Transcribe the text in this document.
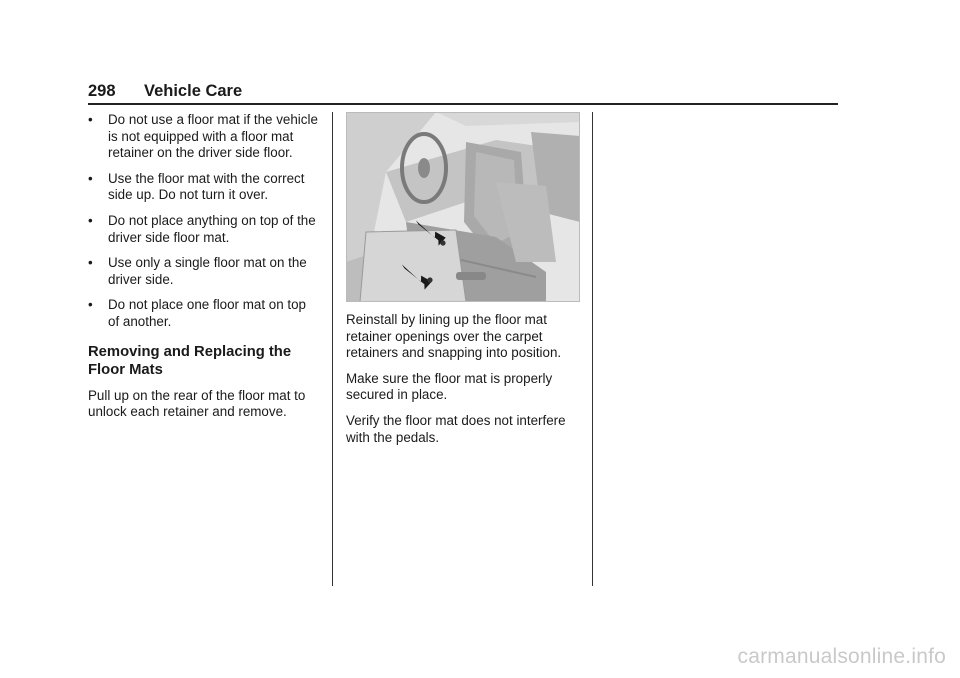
298 Vehicle Care
• Do not use a floor mat if the vehicle is not equipped with a floor mat retainer on the driver side floor.
• Use the floor mat with the correct side up. Do not turn it over.
• Do not place anything on top of the driver side floor mat.
• Use only a single floor mat on the driver side.
• Do not place one floor mat on top of another.
Removing and Replacing the Floor Mats

Pull up on the rear of the floor mat to unlock each retainer and remove.

Reinstall by lining up the floor mat retainer openings over the carpet retainers and snapping into position.

Make sure the floor mat is properly secured in place.

Verify the floor mat does not interfere with the pedals.

carmanualsonline.info
